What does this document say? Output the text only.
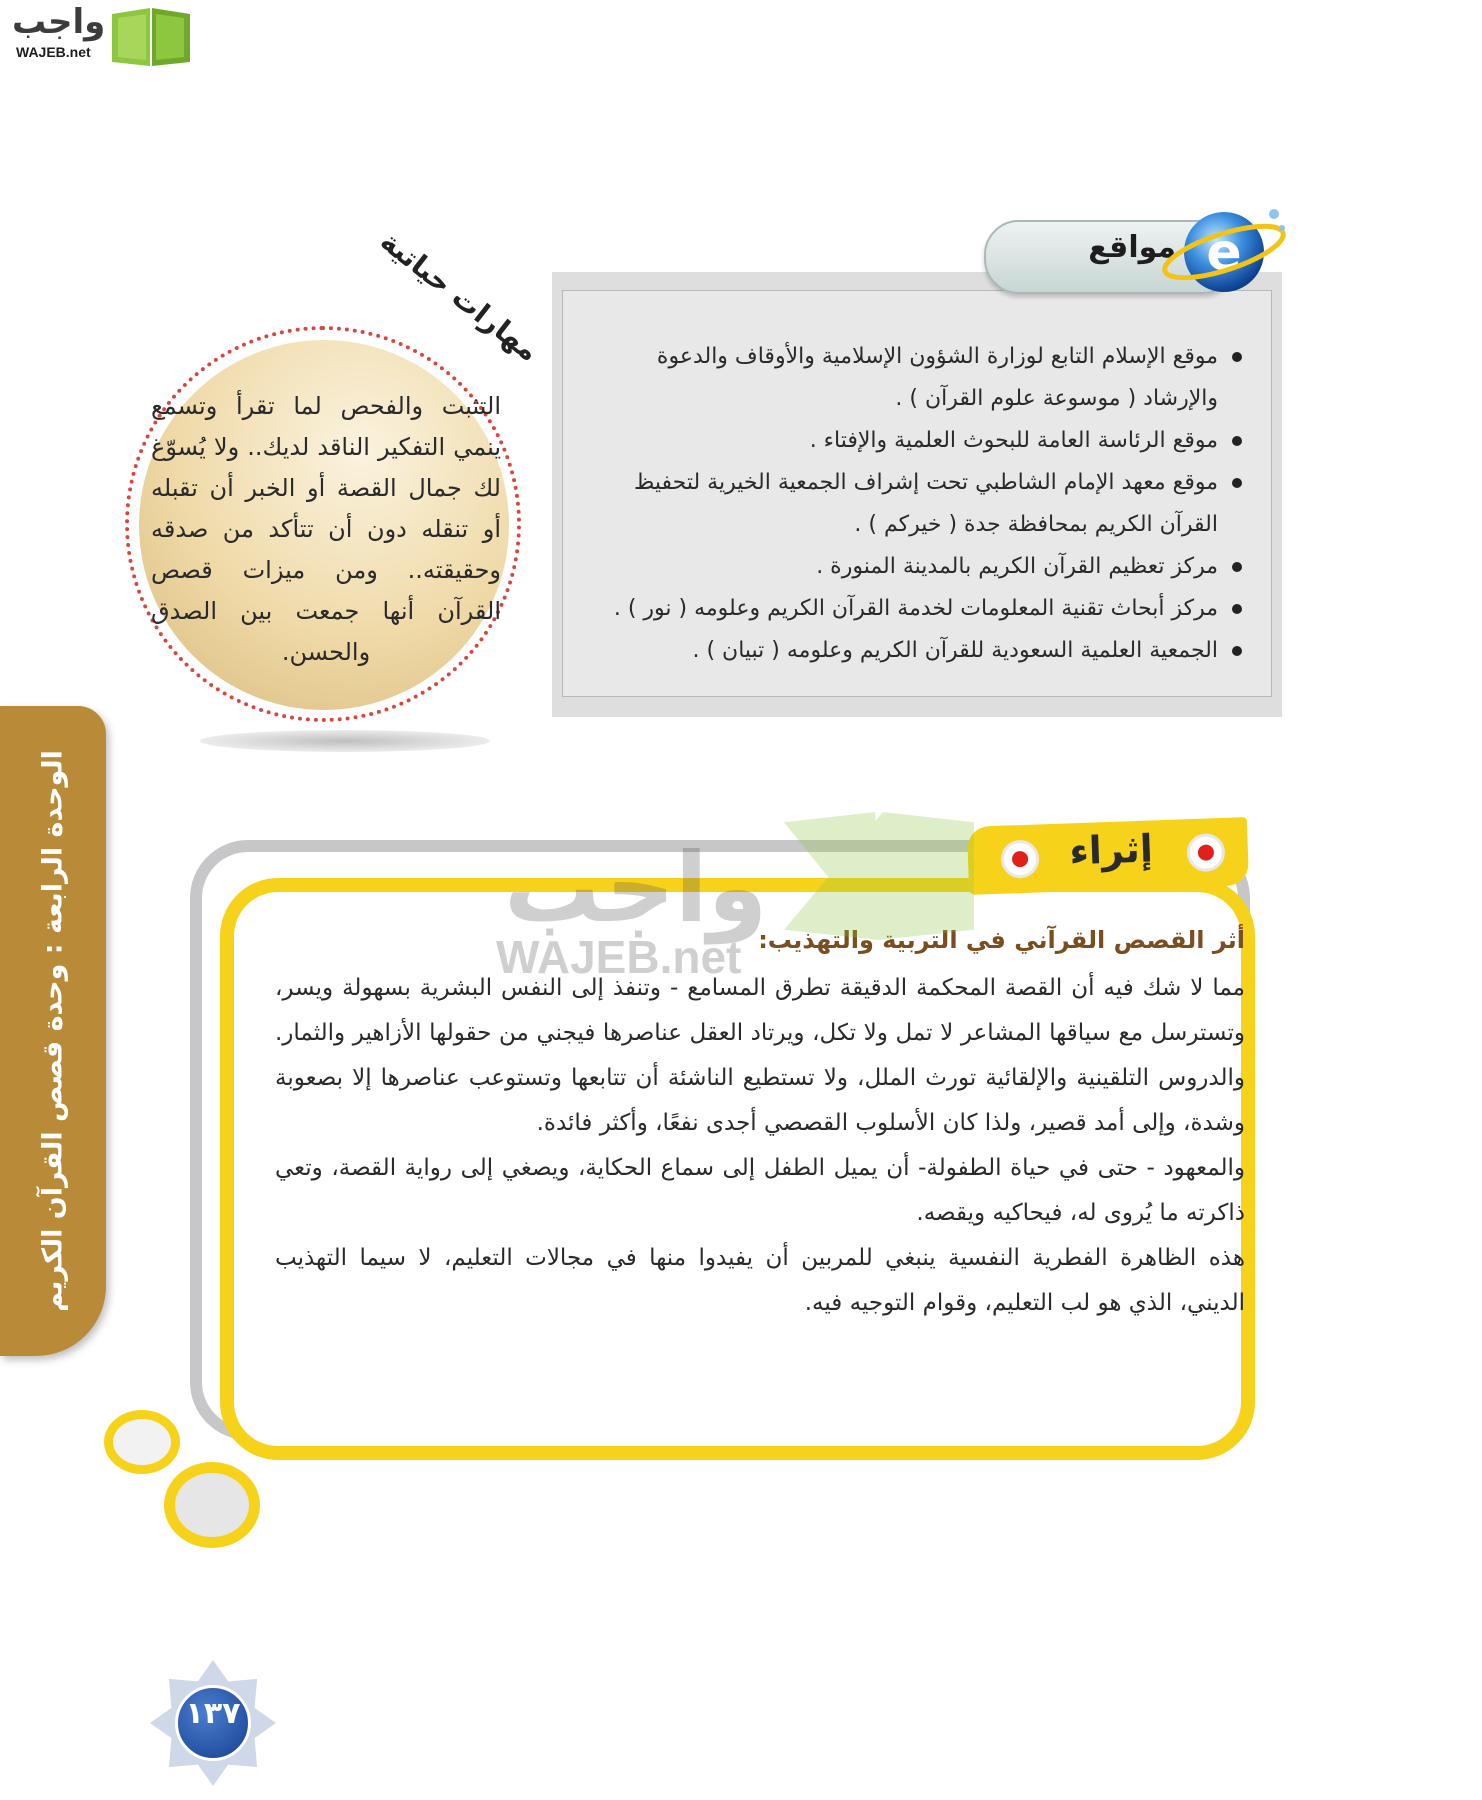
واجب
WAJEB.net
الوحدة الرابعة : وحدة قصص القرآن الكريم
موقع الإسلام التابع لوزارة الشؤون الإسلامية والأوقاف والدعوة والإرشاد ( موسوعة علوم القرآن ) .
موقع الرئاسة العامة للبحوث العلمية والإفتاء .
موقع معهد الإمام الشاطبي تحت إشراف الجمعية الخيرية لتحفيظ القرآن الكريم بمحافظة جدة ( خيركم ) .
مركز تعظيم القرآن الكريم بالمدينة المنورة .
مركز أبحاث تقنية المعلومات لخدمة القرآن الكريم وعلومه ( نور ) .
الجمعية العلمية السعودية للقرآن الكريم وعلومه ( تبيان ) .
مواقع e
مهارات حياتية
التثبت والفحص لما تقرأ وتسمع ينمي التفكير الناقد لديك.. ولا يُسوّغ لك جمال القصة أو الخبر أن تقبله أو تنقله دون أن تتأكد من صدقه وحقيقته.. ومن ميزات قصص القرآن أنها جمعت بين الصدق والحسن.
إثراء
أثر القصص القرآني في التربية والتهذيب:
مما لا شك فيه أن القصة المحكمة الدقيقة تطرق المسامع - وتنفذ إلى النفس البشرية بسهولة ويسر، وتسترسل مع سياقها المشاعر لا تمل ولا تكل، ويرتاد العقل عناصرها فيجني من حقولها الأزاهير والثمار. والدروس التلقينية والإلقائية تورث الملل، ولا تستطيع الناشئة أن تتابعها وتستوعب عناصرها إلا بصعوبة وشدة، وإلى أمد قصير، ولذا كان الأسلوب القصصي أجدى نفعًا، وأكثر فائدة.
والمعهود - حتى في حياة الطفولة- أن يميل الطفل إلى سماع الحكاية، ويصغي إلى رواية القصة، وتعي ذاكرته ما يُروى له، فيحاكيه ويقصه.
هذه الظاهرة الفطرية النفسية ينبغي للمربين أن يفيدوا منها في مجالات التعليم، لا سيما التهذيب الديني، الذي هو لب التعليم، وقوام التوجيه فيه.
واجب
WAJEB.net
١٣٧
